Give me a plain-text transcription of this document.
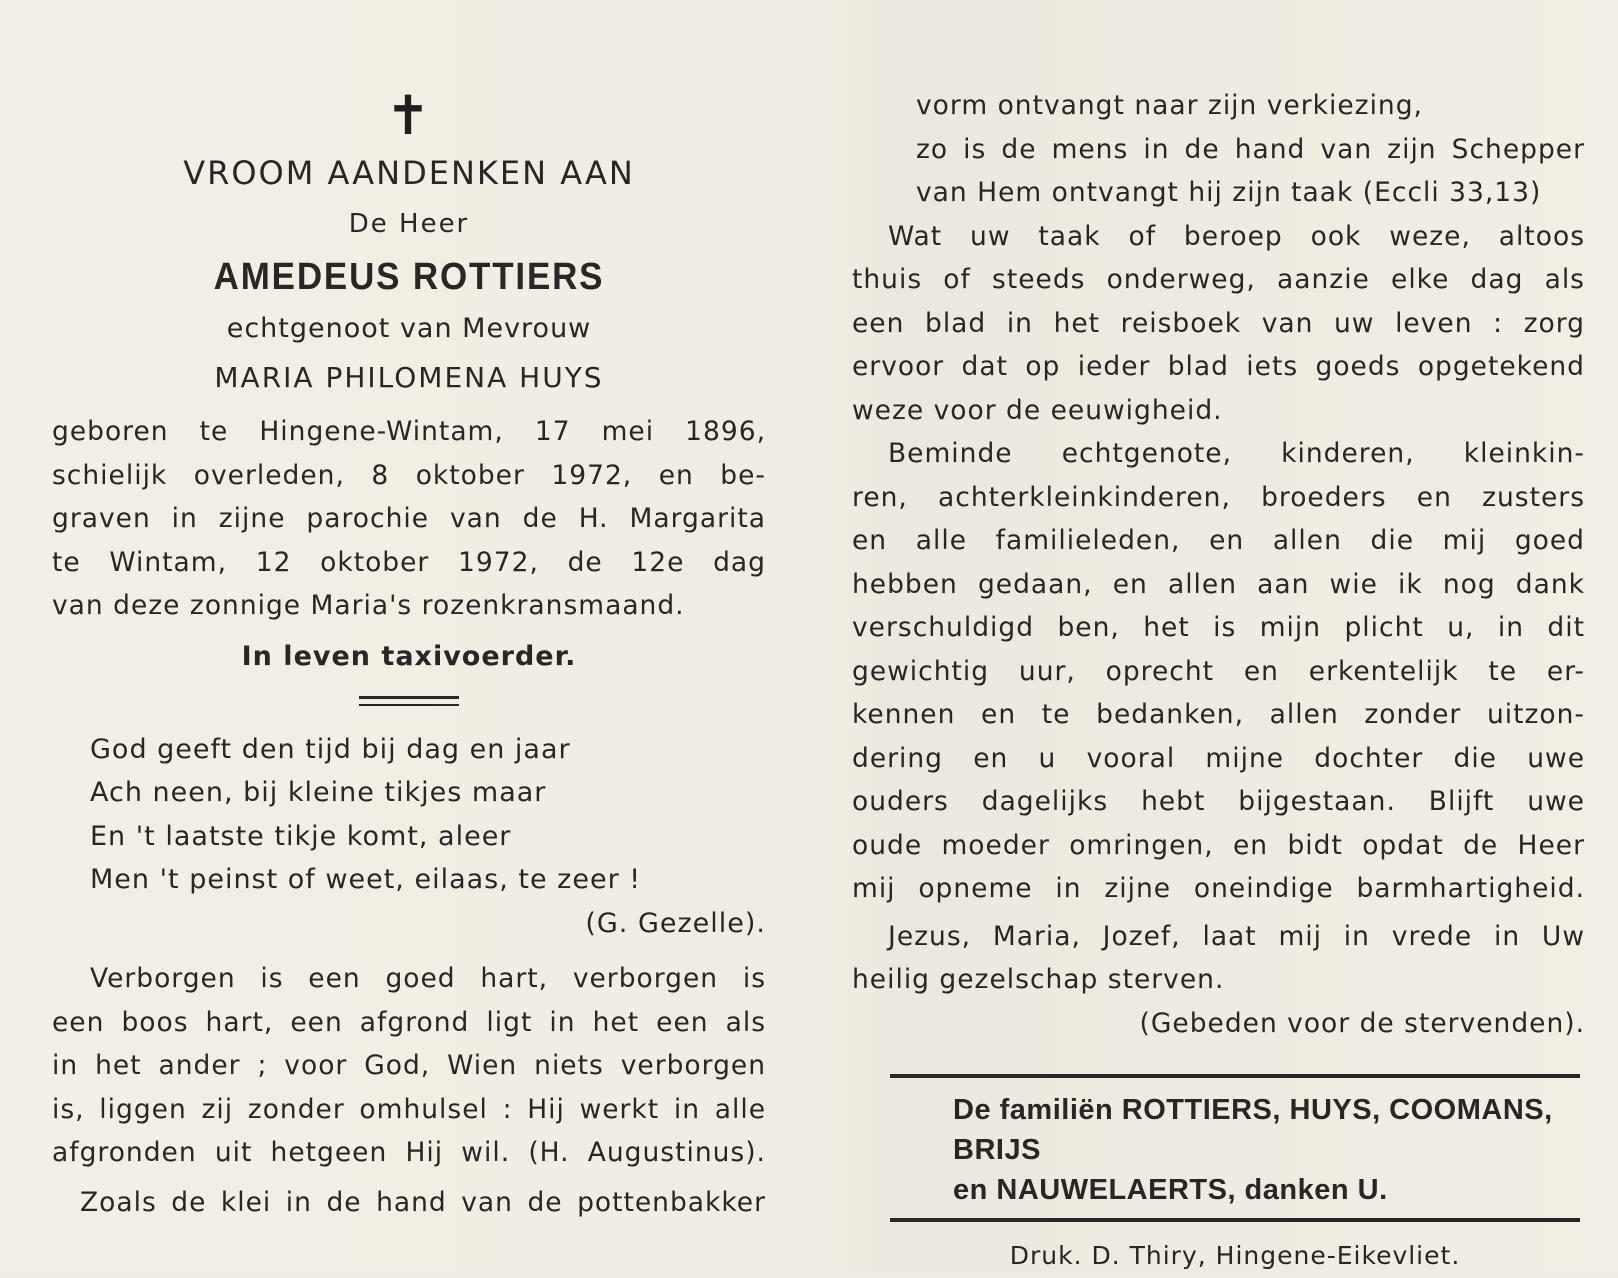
✝
VROOM AANDENKEN AAN
De Heer
AMEDEUS ROTTIERS
echtgenoot van Mevrouw
MARIA PHILOMENA HUYS
geboren te Hingene-Wintam, 17 mei 1896,
schielijk overleden, 8 oktober 1972, en be-
graven in zijne parochie van de H. Margarita
te Wintam, 12 oktober 1972, de 12e dag
van deze zonnige Maria's rozenkransmaand.
In leven taxivoerder.
God geeft den tijd bij dag en jaar
Ach neen, bij kleine tikjes maar
En 't laatste tikje komt, aleer
Men 't peinst of weet, eilaas, te zeer !
(G. Gezelle).
Verborgen is een goed hart, verborgen is
een boos hart, een afgrond ligt in het een als
in het ander ; voor God, Wien niets verborgen
is, liggen zij zonder omhulsel : Hij werkt in alle
afgronden uit hetgeen Hij wil. (H. Augustinus).
Zoals de klei in de hand van de pottenbakker
vorm ontvangt naar zijn verkiezing,
zo is de mens in de hand van zijn Schepper
van Hem ontvangt hij zijn taak (Eccli 33,13)
Wat uw taak of beroep ook weze, altoos
thuis of steeds onderweg, aanzie elke dag als
een blad in het reisboek van uw leven : zorg
ervoor dat op ieder blad iets goeds opgetekend
weze voor de eeuwigheid.
Beminde echtgenote, kinderen, kleinkin-
ren, achterkleinkinderen, broeders en zusters
en alle familieleden, en allen die mij goed
hebben gedaan, en allen aan wie ik nog dank
verschuldigd ben, het is mijn plicht u, in dit
gewichtig uur, oprecht en erkentelijk te er-
kennen en te bedanken, allen zonder uitzon-
dering en u vooral mijne dochter die uwe
ouders dagelijks hebt bijgestaan. Blijft uwe
oude moeder omringen, en bidt opdat de Heer
mij opneme in zijne oneindige barmhartigheid.
Jezus, Maria, Jozef, laat mij in vrede in Uw
heilig gezelschap sterven.
(Gebeden voor de stervenden).
De familiën ROTTIERS, HUYS, COOMANS, BRIJS
en NAUWELAERTS, danken U.
Druk. D. Thiry, Hingene-Eikevliet.
